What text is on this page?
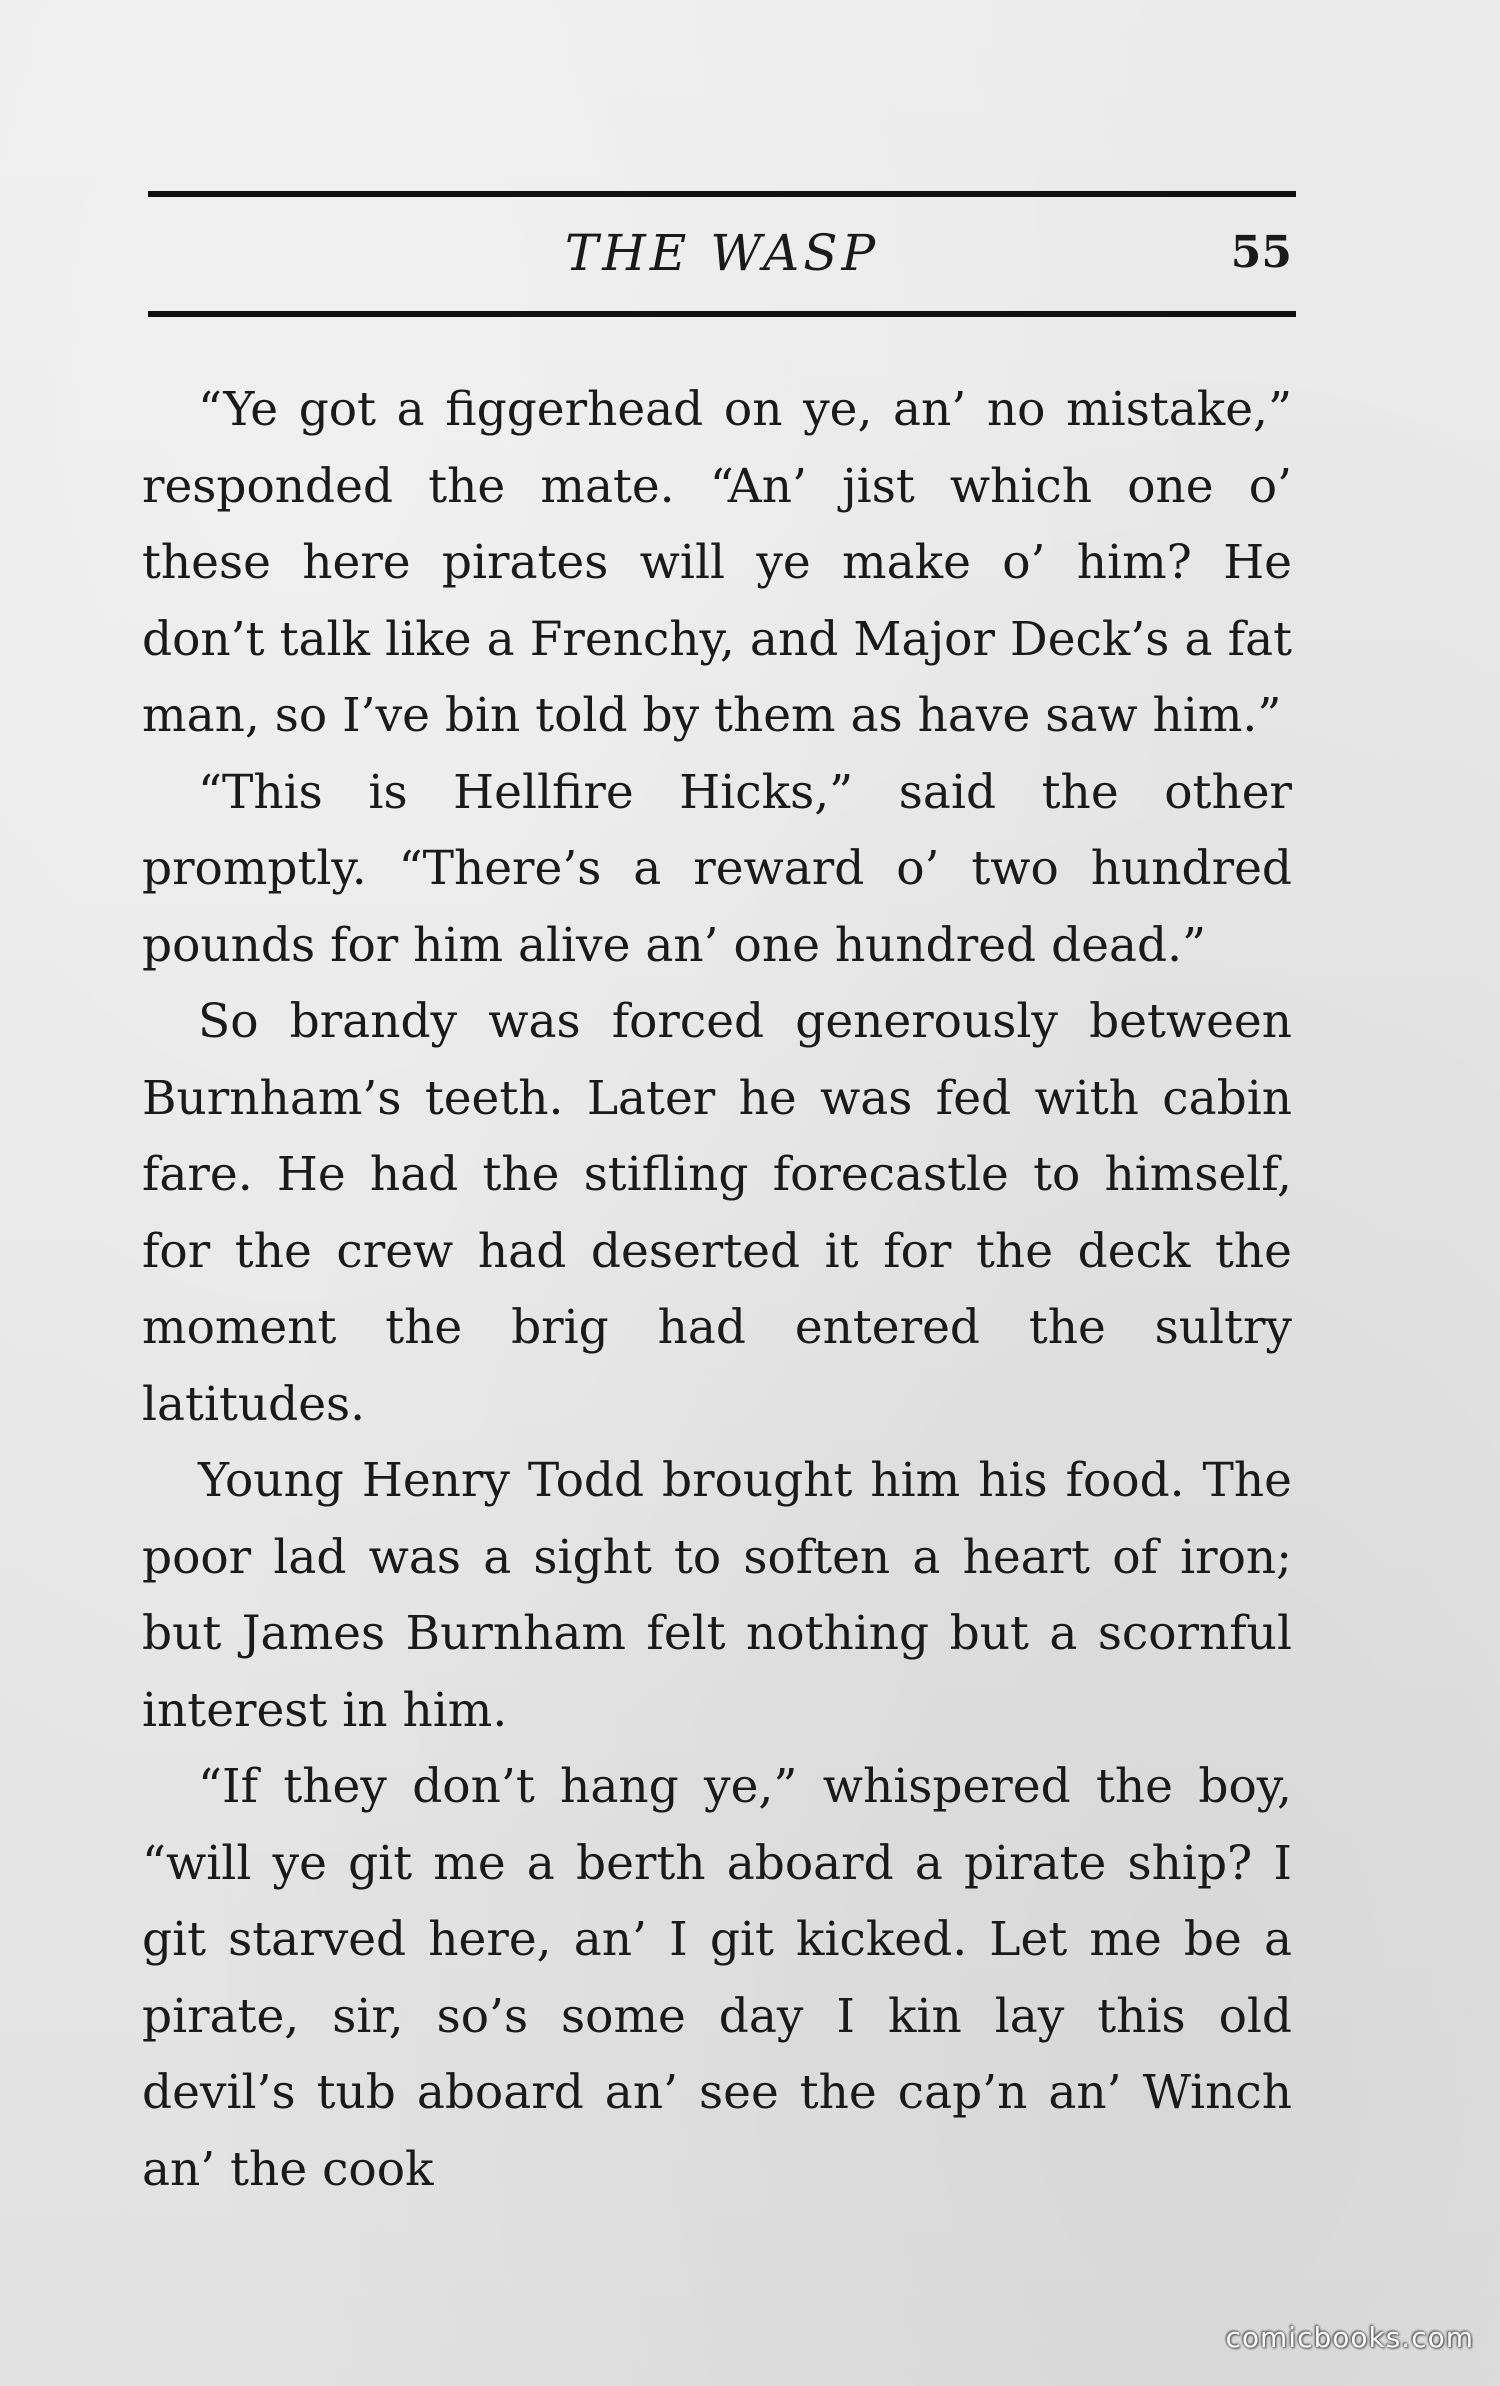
THE WASP	55

“Ye got a figgerhead on ye, an’ no mistake,” responded the mate. “An’ jist which one o’ these here pirates will ye make o’ him? He don’t talk like a Frenchy, and Major Deck’s a fat man, so I’ve bin told by them as have saw him.”

“This is Hellfire Hicks,” said the other promptly. “There’s a reward o’ two hundred pounds for him alive an’ one hundred dead.”

So brandy was forced generously between Burnham’s teeth. Later he was fed with cabin fare. He had the stifling forecastle to himself, for the crew had deserted it for the deck the moment the brig had entered the sultry latitudes.

Young Henry Todd brought him his food. The poor lad was a sight to soften a heart of iron; but James Burnham felt nothing but a scornful interest in him.

“If they don’t hang ye,” whispered the boy, “will ye git me a berth aboard a pirate ship? I git starved here, an’ I git kicked. Let me be a pirate, sir, so’s some day I kin lay this old devil’s tub aboard an’ see the cap’n an’ Winch an’ the cook

comicbooks.com
